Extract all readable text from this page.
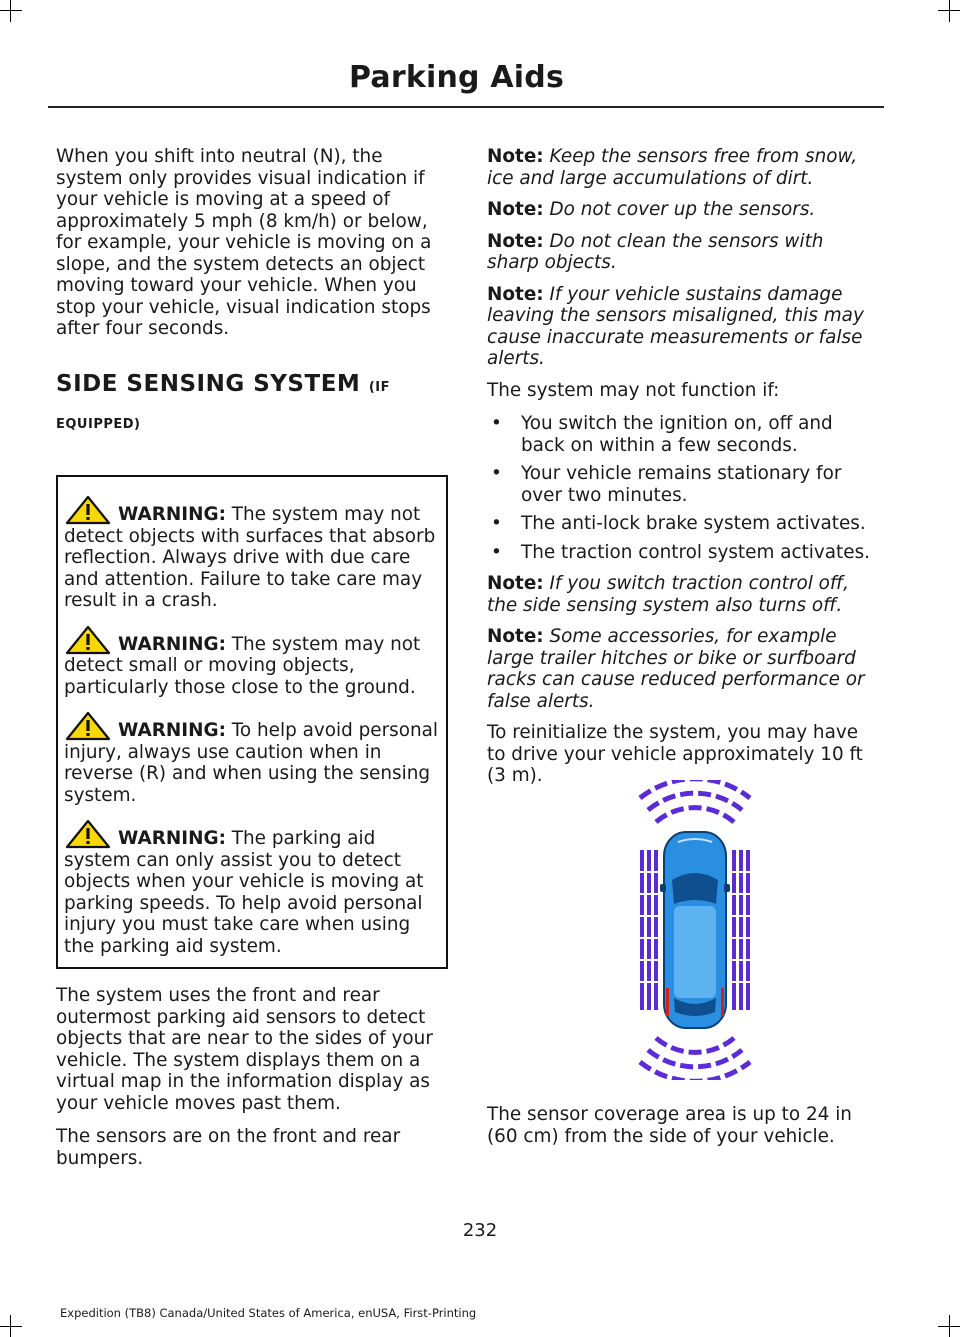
Parking Aids

When you shift into neutral (N), the system only provides visual indication if your vehicle is moving at a speed of approximately 5 mph (8 km/h) or below, for example, your vehicle is moving on a slope, and the system detects an object moving toward your vehicle. When you stop your vehicle, visual indication stops after four seconds.

SIDE SENSING SYSTEM (IF
EQUIPPED)

WARNING: The system may not detect objects with surfaces that absorb reflection. Always drive with due care and attention. Failure to take care may result in a crash.

WARNING: The system may not detect small or moving objects, particularly those close to the ground.

WARNING: To help avoid personal injury, always use caution when in reverse (R) and when using the sensing system.

WARNING: The parking aid system can only assist you to detect objects when your vehicle is moving at parking speeds. To help avoid personal injury you must take care when using the parking aid system.

The system uses the front and rear outermost parking aid sensors to detect objects that are near to the sides of your vehicle. The system displays them on a virtual map in the information display as your vehicle moves past them.

The sensors are on the front and rear bumpers.

Note: Keep the sensors free from snow, ice and large accumulations of dirt.

Note: Do not cover up the sensors.

Note: Do not clean the sensors with sharp objects.

Note: If your vehicle sustains damage leaving the sensors misaligned, this may cause inaccurate measurements or false alerts.

The system may not function if:

• You switch the ignition on, off and back on within a few seconds.
• Your vehicle remains stationary for over two minutes.
• The anti-lock brake system activates.
• The traction control system activates.

Note: If you switch traction control off, the side sensing system also turns off.

Note: Some accessories, for example large trailer hitches or bike or surfboard racks can cause reduced performance or false alerts.

To reinitialize the system, you may have to drive your vehicle approximately 10 ft (3 m).

The sensor coverage area is up to 24 in (60 cm) from the side of your vehicle.
232
Expedition (TB8) Canada/United States of America, enUSA, First-Printing
